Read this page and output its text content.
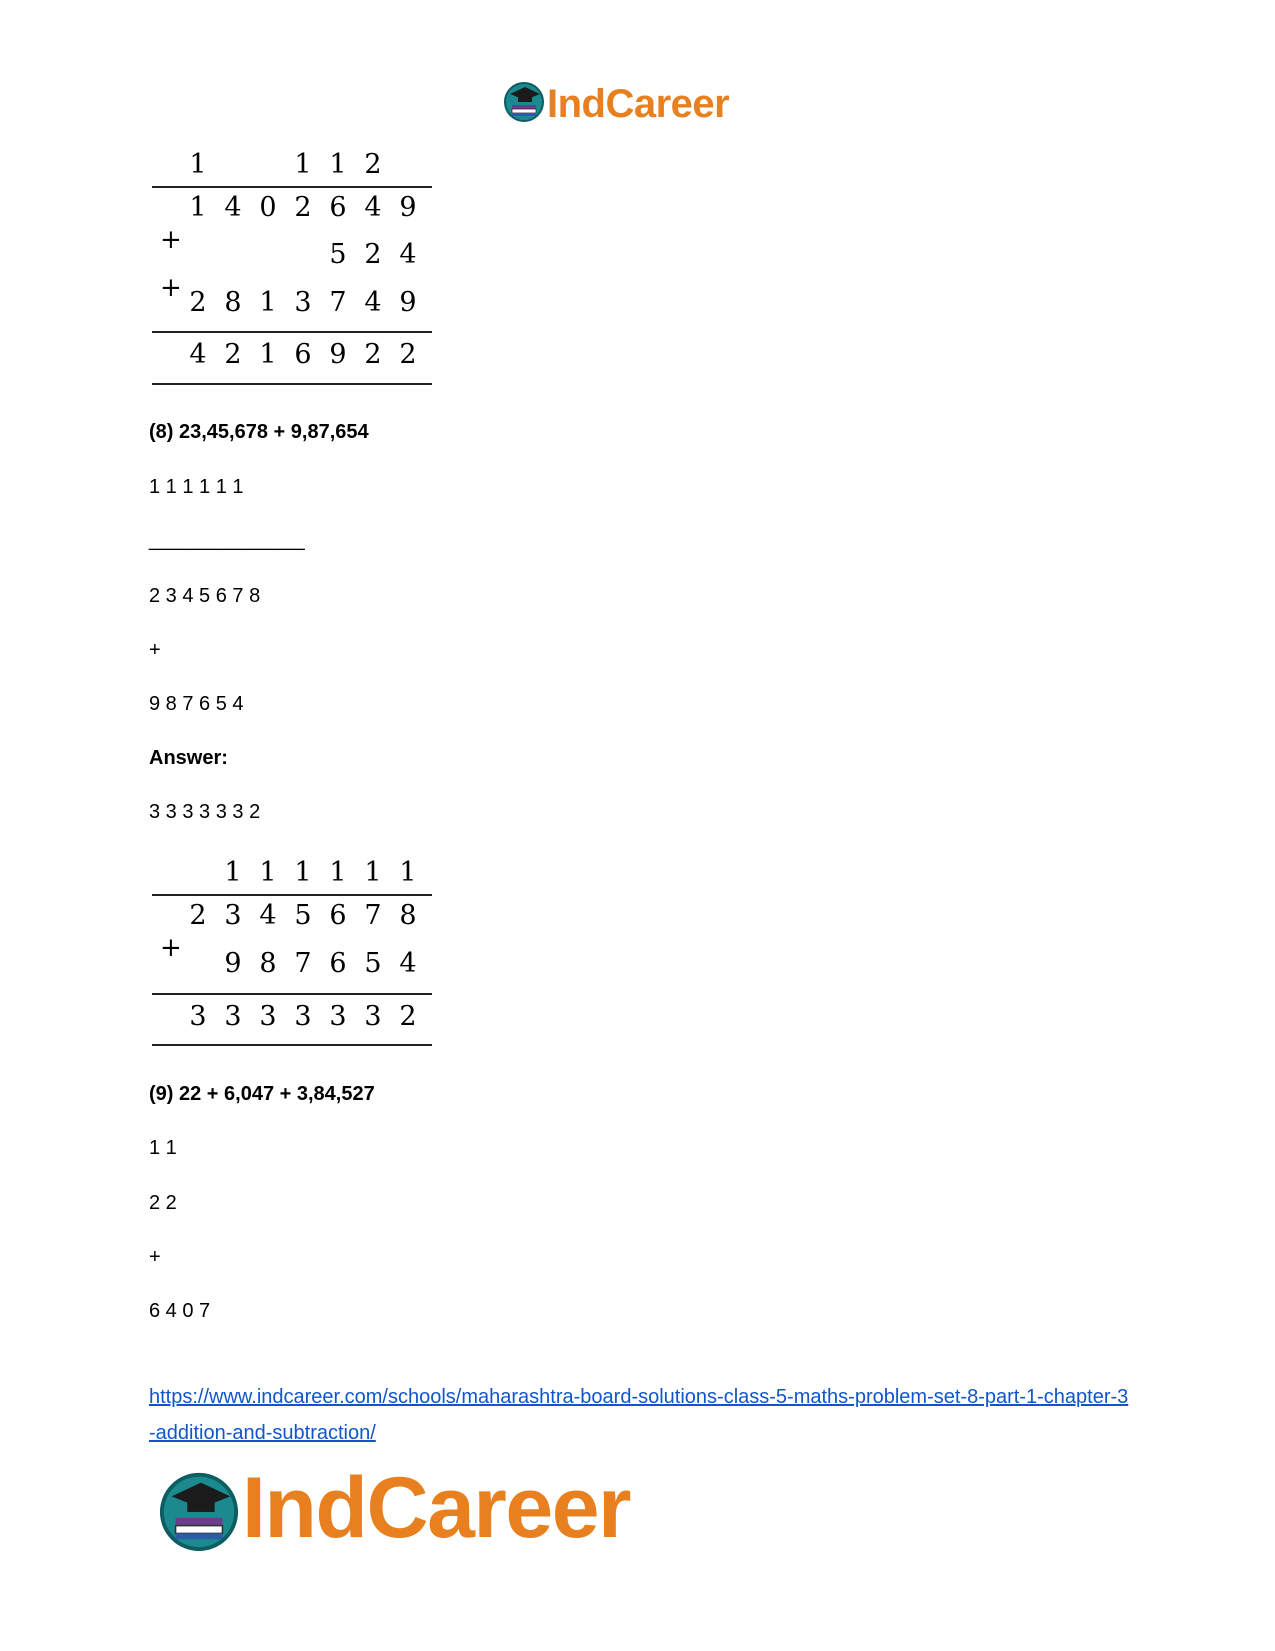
IndCareer
+
+
1	1 1 2
1 4 0 2 6 4 9
5 2 4
2 8 1 3 7 4 9
4 2 1 6 9 2 2
(8) 23,45,678 + 9,87,654
1 1 1 1 1 1
______________
2 3 4 5 6 7 8
+
9 8 7 6 5 4
Answer:
3 3 3 3 3 3 2
+
1 1 1 1 1 1
2 3 4 5 6 7 8
9 8 7 6 5 4
3 3 3 3 3 3 2
(9) 22 + 6,047 + 3,84,527
1 1
2 2
+
6 4 0 7
https://www.indcareer.com/schools/maharashtra-board-solutions-class-5-maths-problem-set-8-part-1-chapter-3-addition-and-subtraction/
IndCareer
